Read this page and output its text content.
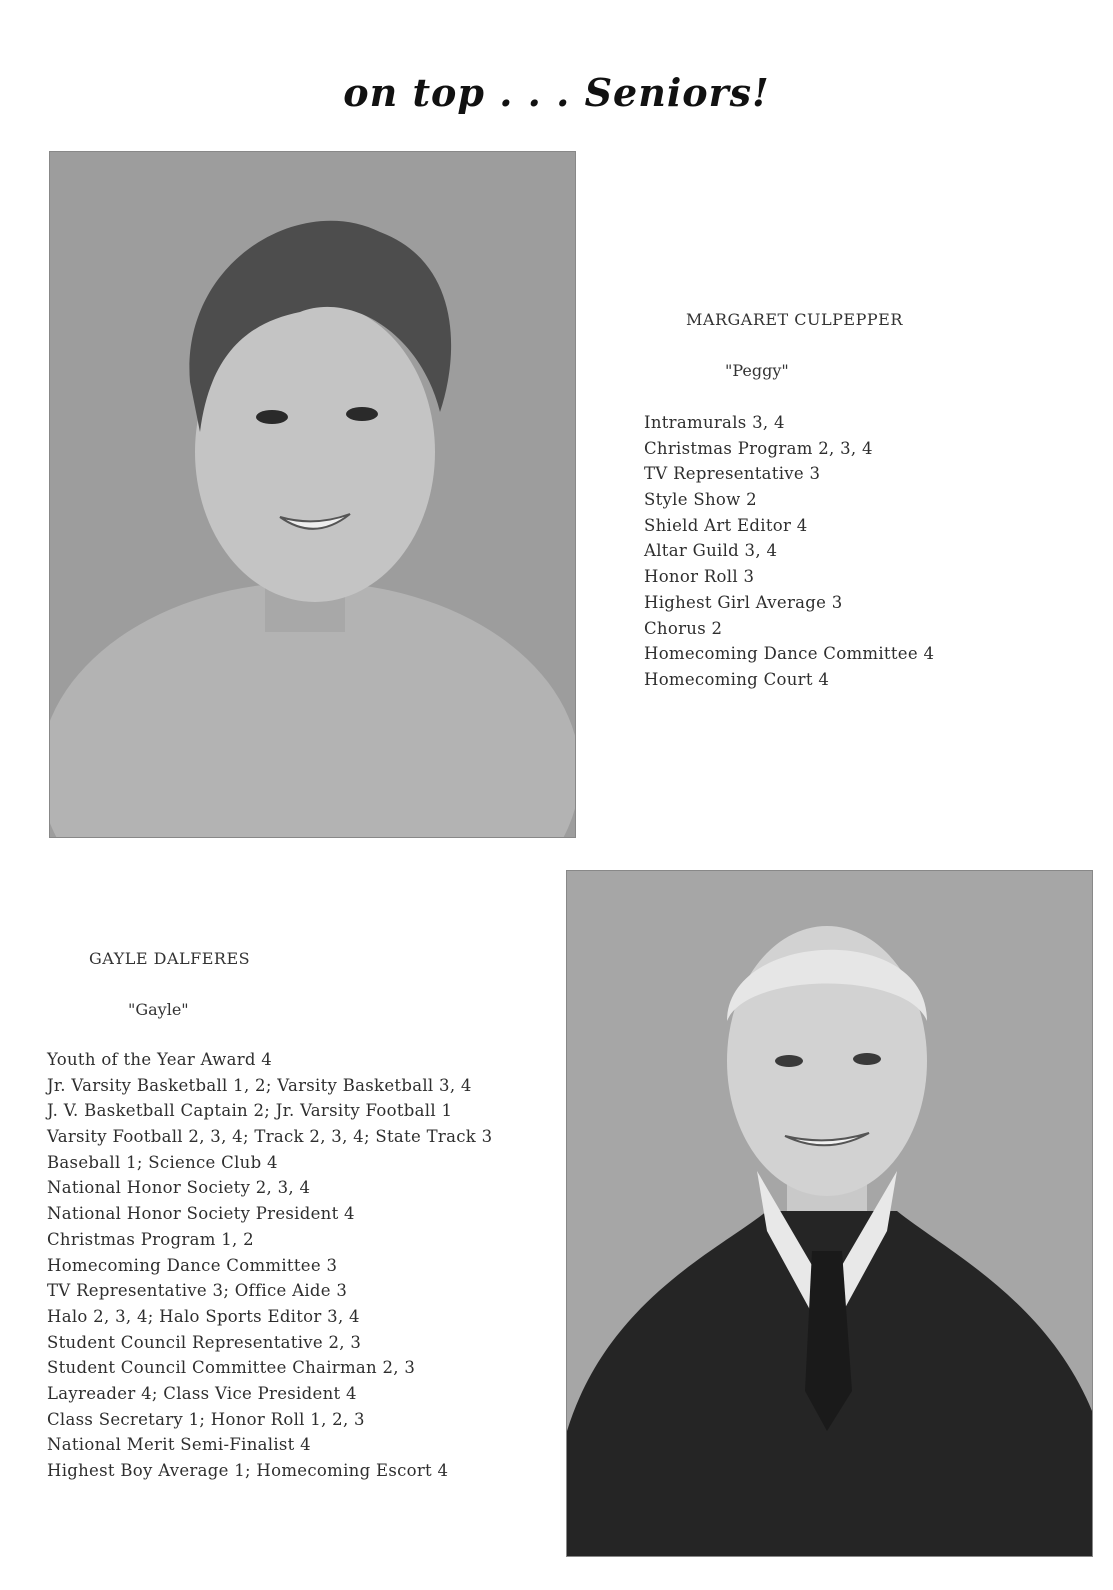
on top . . . Seniors!
MARGARET CULPEPPER
"Peggy"
Intramurals 3, 4
Christmas Program 2, 3, 4
TV Representative 3
Style Show 2
Shield Art Editor 4
Altar Guild 3, 4
Honor Roll 3
Highest Girl Average 3
Chorus 2
Homecoming Dance Committee 4
Homecoming Court 4
GAYLE DALFERES
"Gayle"
Youth of the Year Award 4
Jr. Varsity Basketball 1, 2; Varsity Basketball 3, 4
J. V. Basketball Captain 2; Jr. Varsity Football 1
Varsity Football 2, 3, 4; Track 2, 3, 4; State Track 3
Baseball 1; Science Club 4
National Honor Society 2, 3, 4
National Honor Society President 4
Christmas Program 1, 2
Homecoming Dance Committee 3
TV Representative 3; Office Aide 3
Halo 2, 3, 4; Halo Sports Editor 3, 4
Student Council Representative 2, 3
Student Council Committee Chairman 2, 3
Layreader 4; Class Vice President 4
Class Secretary 1; Honor Roll 1, 2, 3
National Merit Semi-Finalist 4
Highest Boy Average 1; Homecoming Escort 4
